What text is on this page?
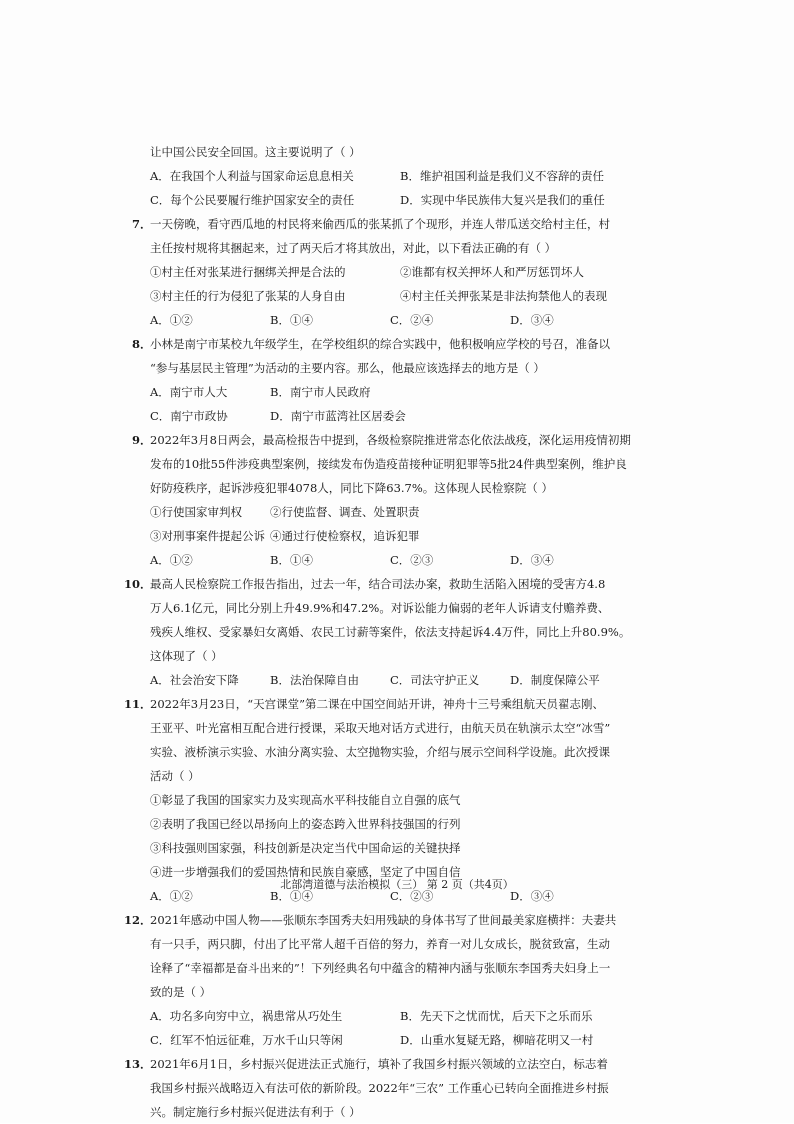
让中国公民安全回国。这主要说明了（ ）
A．在我国个人利益与国家命运息息相关	B．维护祖国利益是我们义不容辞的责任
C．每个公民要履行维护国家安全的责任	D．实现中华民族伟大复兴是我们的重任
7．
一天傍晚，看守西瓜地的村民将来偷西瓜的张某抓了个现形，并连人带瓜送交给村主任，村
主任按村规将其捆起来，过了两天后才将其放出，对此，以下看法正确的有（ ）
①村主任对张某进行捆绑关押是合法的	②谁都有权关押坏人和严厉惩罚坏人
③村主任的行为侵犯了张某的人身自由	④村主任关押张某是非法拘禁他人的表现
A．①②	B．①④	C．②④	D．③④
8．
小林是南宁市某校九年级学生，在学校组织的综合实践中，他积极响应学校的号召，准备以
“参与基层民主管理”为活动的主要内容。那么，他最应该选择去的地方是（ ）
A．南宁市人大	B．南宁市人民政府
C．南宁市政协	D．南宁市蓝湾社区居委会
9．
2022年3月8日两会，最高检报告中提到，各级检察院推进常态化依法战疫，深化运用疫情初期
发布的10批55件涉疫典型案例，接续发布伪造疫苗接种证明犯罪等5批24件典型案例，维护良
好防疫秩序，起诉涉疫犯罪4078人，同比下降63.7%。这体现人民检察院（ ）
①行使国家审判权	②行使监督、调查、处置职责
③对刑事案件提起公诉 ④通过行使检察权，追诉犯罪
A．①②	B．①④	C．②③	D．③④
10．
最高人民检察院工作报告指出，过去一年，结合司法办案，救助生活陷入困境的受害方4.8
万人6.1亿元，同比分别上升49.9%和47.2%。对诉讼能力偏弱的老年人诉请支付赡养费、
残疾人维权、受家暴妇女离婚、农民工讨薪等案件，依法支持起诉4.4万件，同比上升80.9%。
这体现了（ ）
A．社会治安下降	B．法治保障自由	C．司法守护正义	D．制度保障公平
11．
2022年3月23日，“天宫课堂”第二课在中国空间站开讲，神舟十三号乘组航天员翟志刚、
王亚平、叶光富相互配合进行授课，采取天地对话方式进行，由航天员在轨演示太空“冰雪”
实验、液桥演示实验、水油分离实验、太空抛物实验，介绍与展示空间科学设施。此次授课
活动（ ）
①彰显了我国的国家实力及实现高水平科技能自立自强的底气
②表明了我国已经以昂扬向上的姿态跨入世界科技强国的行列
③科技强则国家强，科技创新是决定当代中国命运的关键抉择
④进一步增强我们的爱国热情和民族自豪感，坚定了中国自信
A．①②	B．①④	C．②③	D．③④
12．
2021年感动中国人物——张顺东李国秀夫妇用残缺的身体书写了世间最美家庭横拌：夫妻共
有一只手，两只脚，付出了比平常人超千百倍的努力，养育一对儿女成长，脱贫致富，生动
诠释了“幸福都是奋斗出来的”！下列经典名句中蕴含的精神内涵与张顺东李国秀夫妇身上一
致的是（ ）
A．功名多向穷中立，祸患常从巧处生	B．先天下之忧而忧，后天下之乐而乐
C．红军不怕远征难，万水千山只等闲	D．山重水复疑无路，柳暗花明又一村
13．
2021年6月1日，乡村振兴促进法正式施行，填补了我国乡村振兴领域的立法空白，标志着
我国乡村振兴战略迈入有法可依的新阶段。2022年“三农” 工作重心已转向全面推进乡村振
兴。制定施行乡村振兴促进法有利于（ ）
北部湾道德与法治模拟（三） 第 2 页（共4页）
